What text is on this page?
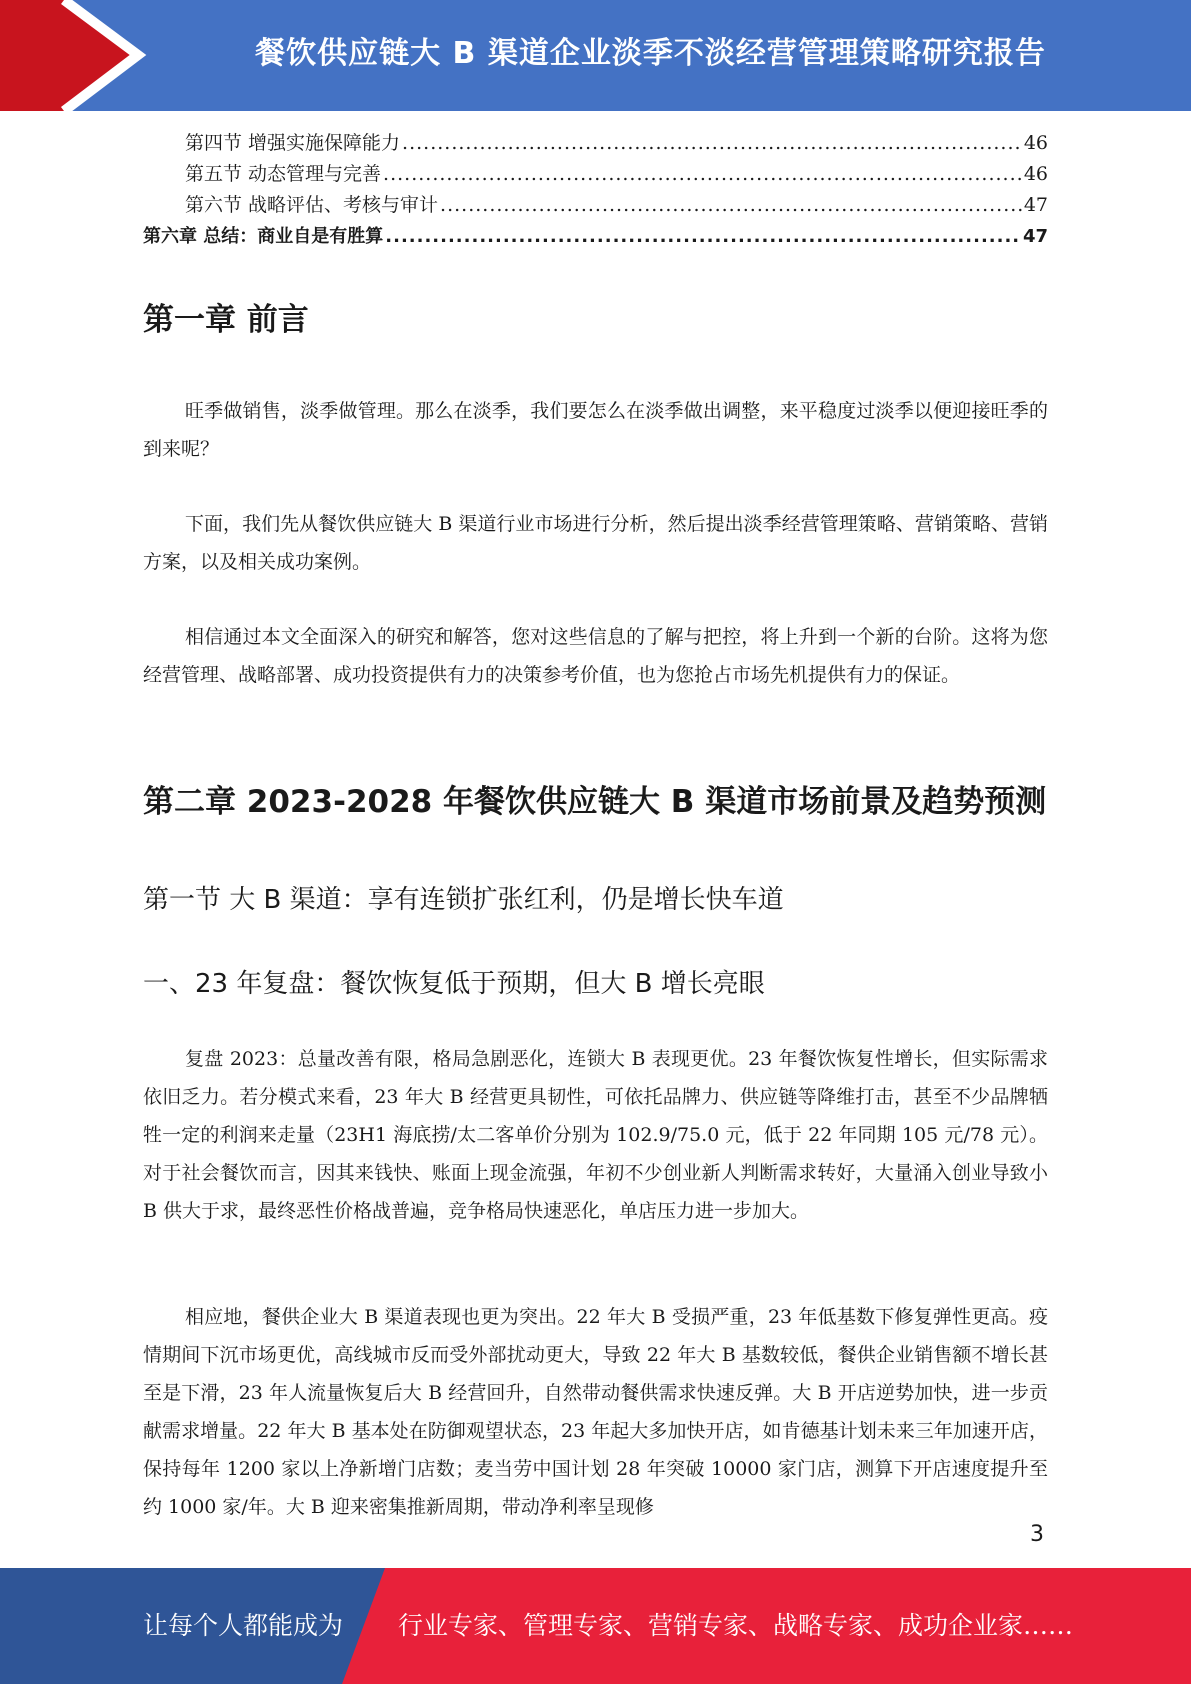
餐饮供应链大 B 渠道企业淡季不淡经营管理策略研究报告
第四节 增强实施保障能力 .....	46
第五节 动态管理与完善 .....	46
第六节 战略评估、考核与审计 .....	47
第六章 总结：商业自是有胜算 .....	47
第一章 前言

旺季做销售，淡季做管理。那么在淡季，我们要怎么在淡季做出调整，来平稳度过淡季以便迎接旺季的到来呢？

下面，我们先从餐饮供应链大 B 渠道行业市场进行分析，然后提出淡季经营管理策略、营销策略、营销方案，以及相关成功案例。

相信通过本文全面深入的研究和解答，您对这些信息的了解与把控，将上升到一个新的台阶。这将为您经营管理、战略部署、成功投资提供有力的决策参考价值，也为您抢占市场先机提供有力的保证。

第二章 2023-2028 年餐饮供应链大 B 渠道市场前景及趋势预测
第一节 大 B 渠道：享有连锁扩张红利，仍是增长快车道
一、23 年复盘：餐饮恢复低于预期，但大 B 增长亮眼

复盘 2023：总量改善有限，格局急剧恶化，连锁大 B 表现更优。23 年餐饮恢复性增长，但实际需求依旧乏力。若分模式来看，23 年大 B 经营更具韧性，可依托品牌力、供应链等降维打击，甚至不少品牌牺牲一定的利润来走量（23H1 海底捞/太二客单价分别为 102.9/75.0 元，低于 22 年同期 105 元/78 元）。对于社会餐饮而言，因其来钱快、账面上现金流强，年初不少创业新人判断需求转好，大量涌入创业导致小 B 供大于求，最终恶性价格战普遍，竞争格局快速恶化，单店压力进一步加大。

相应地，餐供企业大 B 渠道表现也更为突出。22 年大 B 受损严重，23 年低基数下修复弹性更高。疫情期间下沉市场更优，高线城市反而受外部扰动更大，导致 22 年大 B 基数较低，餐供企业销售额不增长甚至是下滑，23 年人流量恢复后大 B 经营回升，自然带动餐供需求快速反弹。大 B 开店逆势加快，进一步贡献需求增量。22 年大 B 基本处在防御观望状态，23 年起大多加快开店，如肯德基计划未来三年加速开店，保持每年 1200 家以上净新增门店数；麦当劳中国计划 28 年突破 10000 家门店，测算下开店速度提升至约 1000 家/年。大 B 迎来密集推新周期，带动净利率呈现修

3
让每个人都能成为 行业专家、管理专家、营销专家、战略专家、成功企业家……
